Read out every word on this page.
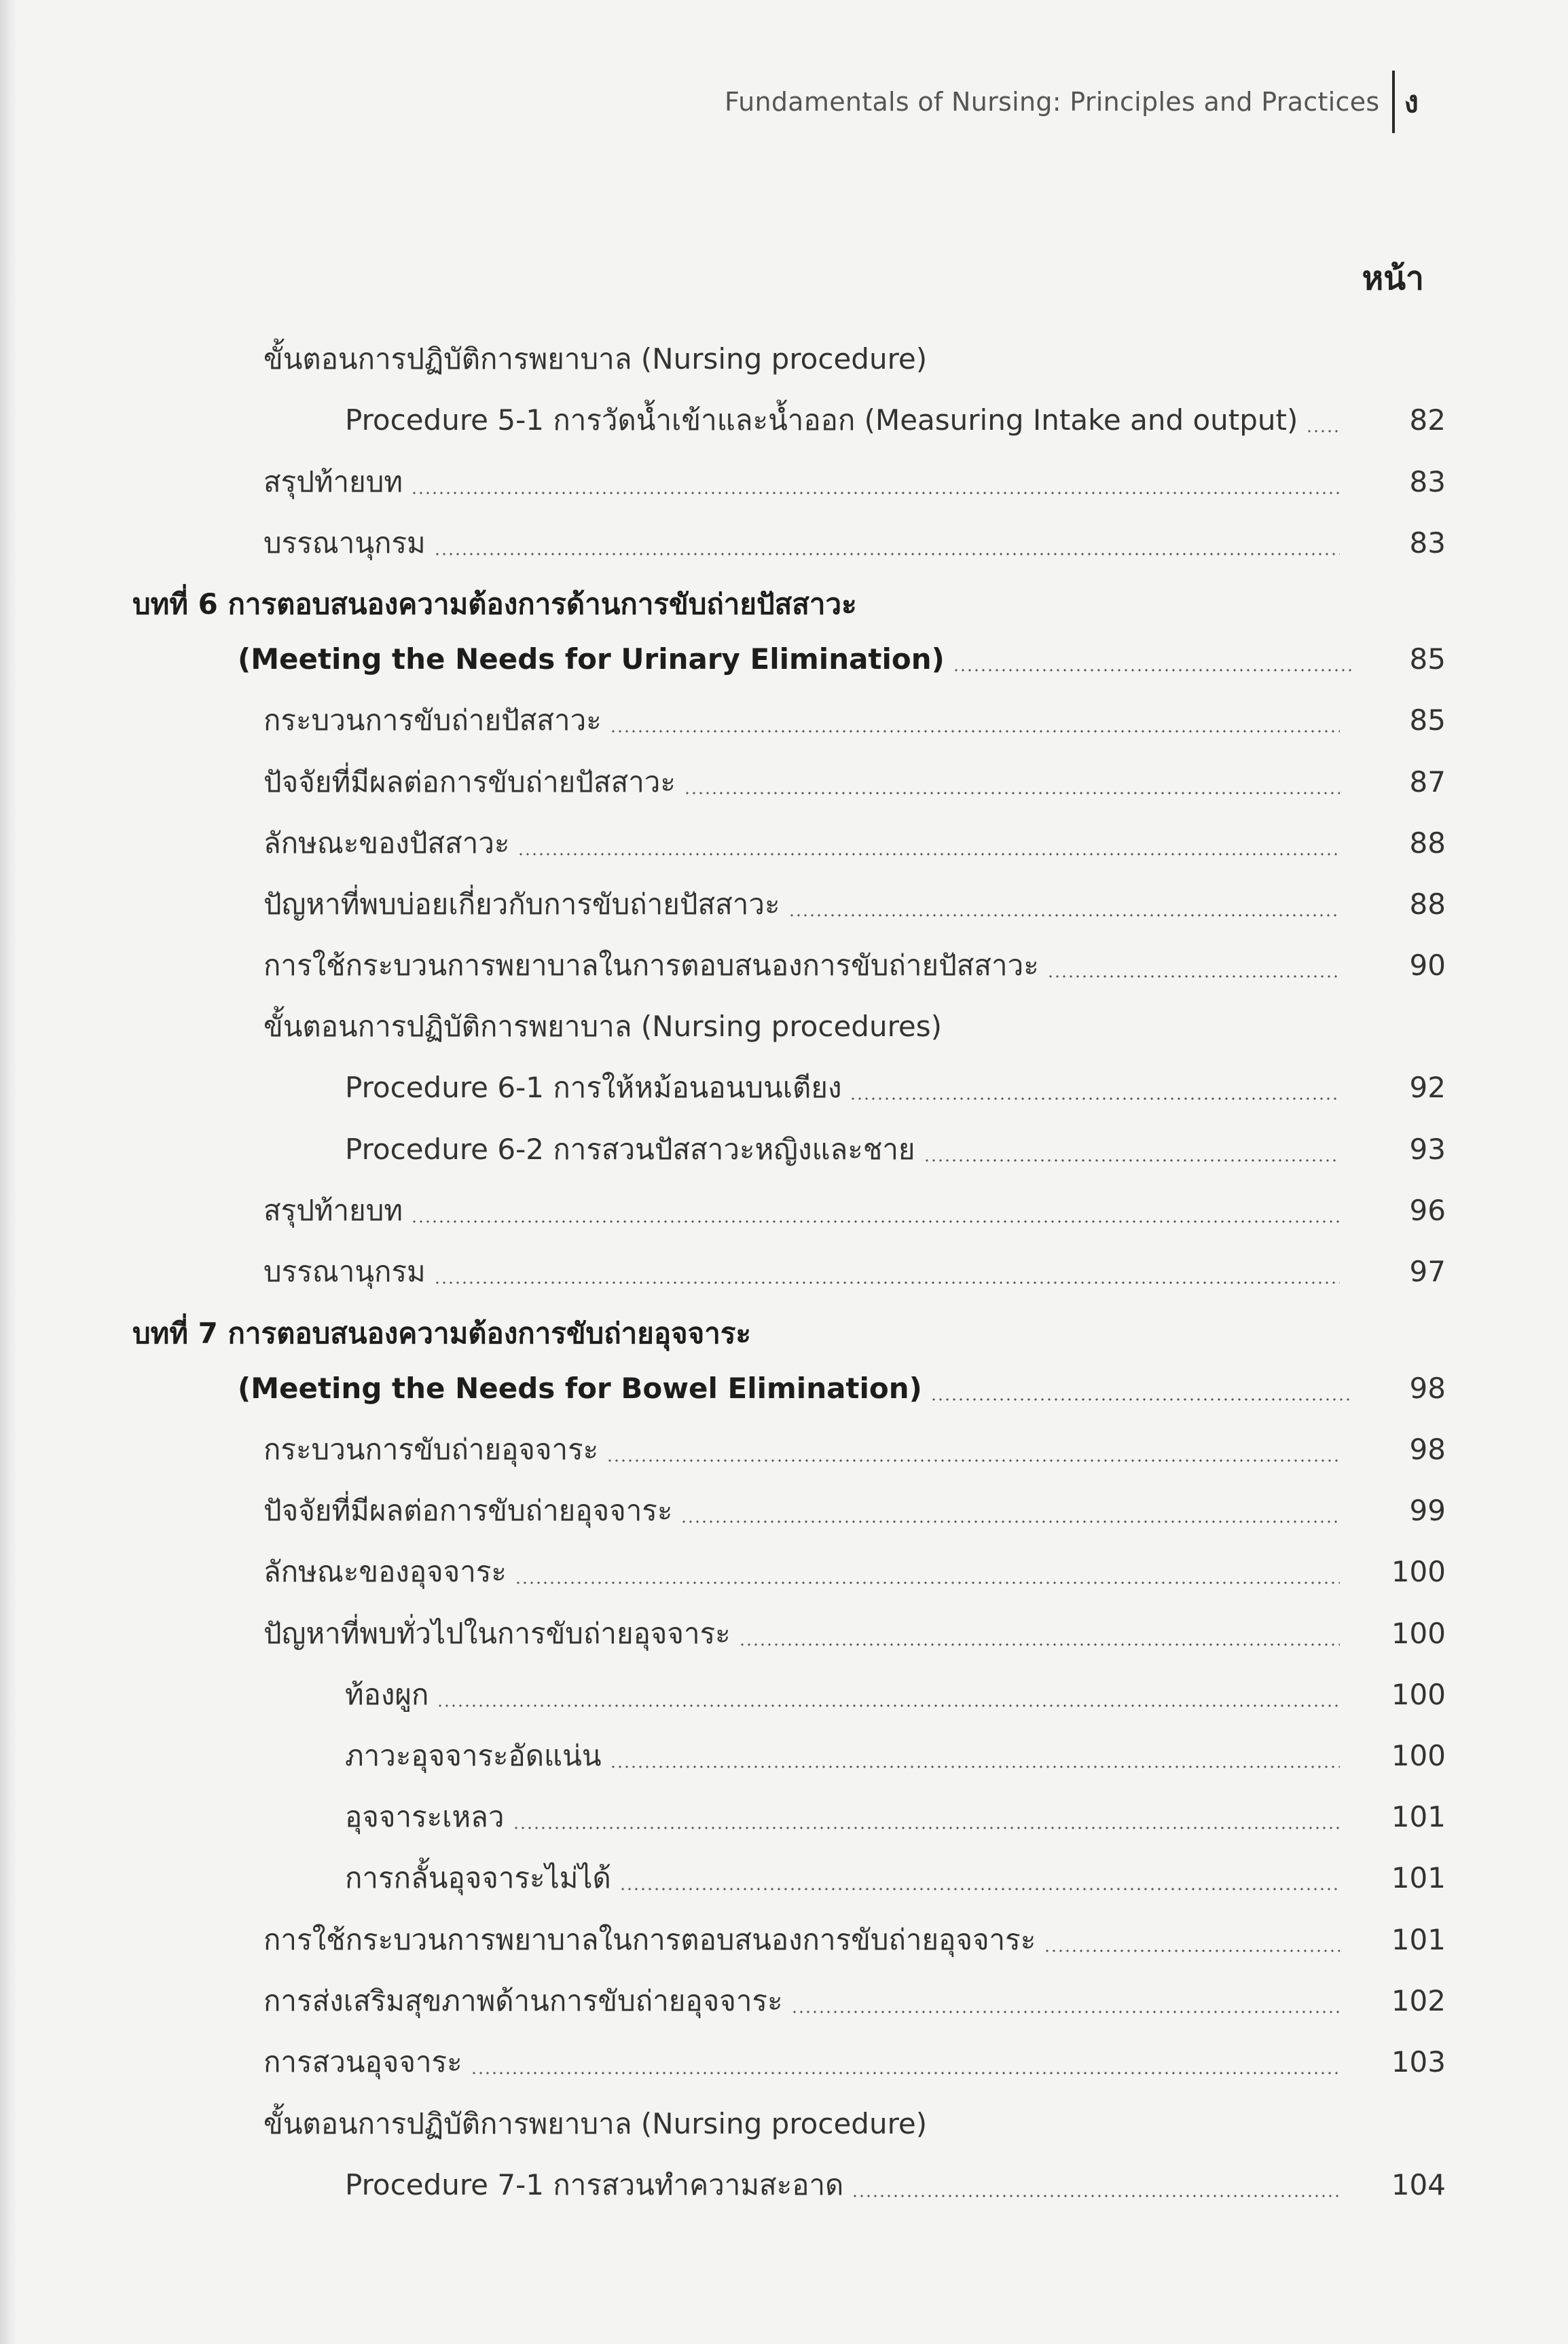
Fundamentals of Nursing: Principles and Practices ง
หน้า
ขั้นตอนการปฏิบัติการพยาบาล (Nursing procedure)
Procedure 5-1 การวัดน้ำเข้าและน้ำออก (Measuring Intake and output)	82
สรุปท้ายบท	83
บรรณานุกรม	83
บทที่ 6 การตอบสนองความต้องการด้านการขับถ่ายปัสสาวะ
(Meeting the Needs for Urinary Elimination)	85
กระบวนการขับถ่ายปัสสาวะ	85
ปัจจัยที่มีผลต่อการขับถ่ายปัสสาวะ	87
ลักษณะของปัสสาวะ	88
ปัญหาที่พบบ่อยเกี่ยวกับการขับถ่ายปัสสาวะ	88
การใช้กระบวนการพยาบาลในการตอบสนองการขับถ่ายปัสสาวะ	90
ขั้นตอนการปฏิบัติการพยาบาล (Nursing procedures)
Procedure 6-1 การให้หม้อนอนบนเตียง	92
Procedure 6-2 การสวนปัสสาวะหญิงและชาย	93
สรุปท้ายบท	96
บรรณานุกรม	97
บทที่ 7 การตอบสนองความต้องการขับถ่ายอุจจาระ
(Meeting the Needs for Bowel Elimination)	98
กระบวนการขับถ่ายอุจจาระ	98
ปัจจัยที่มีผลต่อการขับถ่ายอุจจาระ	99
ลักษณะของอุจจาระ	100
ปัญหาที่พบทั่วไปในการขับถ่ายอุจจาระ	100
ท้องผูก	100
ภาวะอุจจาระอัดแน่น	100
อุจจาระเหลว	101
การกลั้นอุจจาระไม่ได้	101
การใช้กระบวนการพยาบาลในการตอบสนองการขับถ่ายอุจจาระ	101
การส่งเสริมสุขภาพด้านการขับถ่ายอุจจาระ	102
การสวนอุจจาระ	103
ขั้นตอนการปฏิบัติการพยาบาล (Nursing procedure)
Procedure 7-1 การสวนทำความสะอาด	104
